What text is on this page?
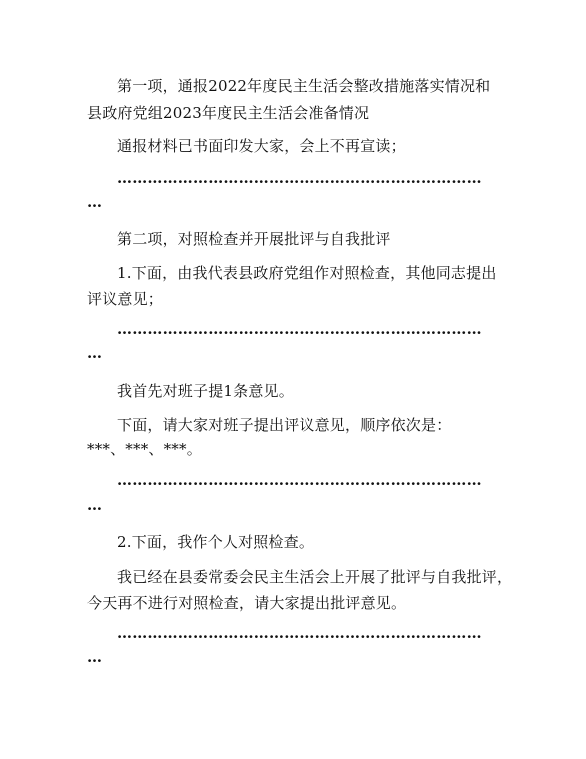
第一项，通报2022年度民主生活会整改措施落实情况和
县政府党组2023年度民主生活会准备情况
通报材料已书面印发大家，会上不再宣读；
………………………………………………………………
…
第二项，对照检查并开展批评与自我批评
1.下面，由我代表县政府党组作对照检查，其他同志提出
评议意见；
………………………………………………………………
…
我首先对班子提1条意见。
下面，请大家对班子提出评议意见，顺序依次是：
***、***、***。
………………………………………………………………
…
2.下面，我作个人对照检查。
我已经在县委常委会民主生活会上开展了批评与自我批评，
今天再不进行对照检查，请大家提出批评意见。
………………………………………………………………
…
